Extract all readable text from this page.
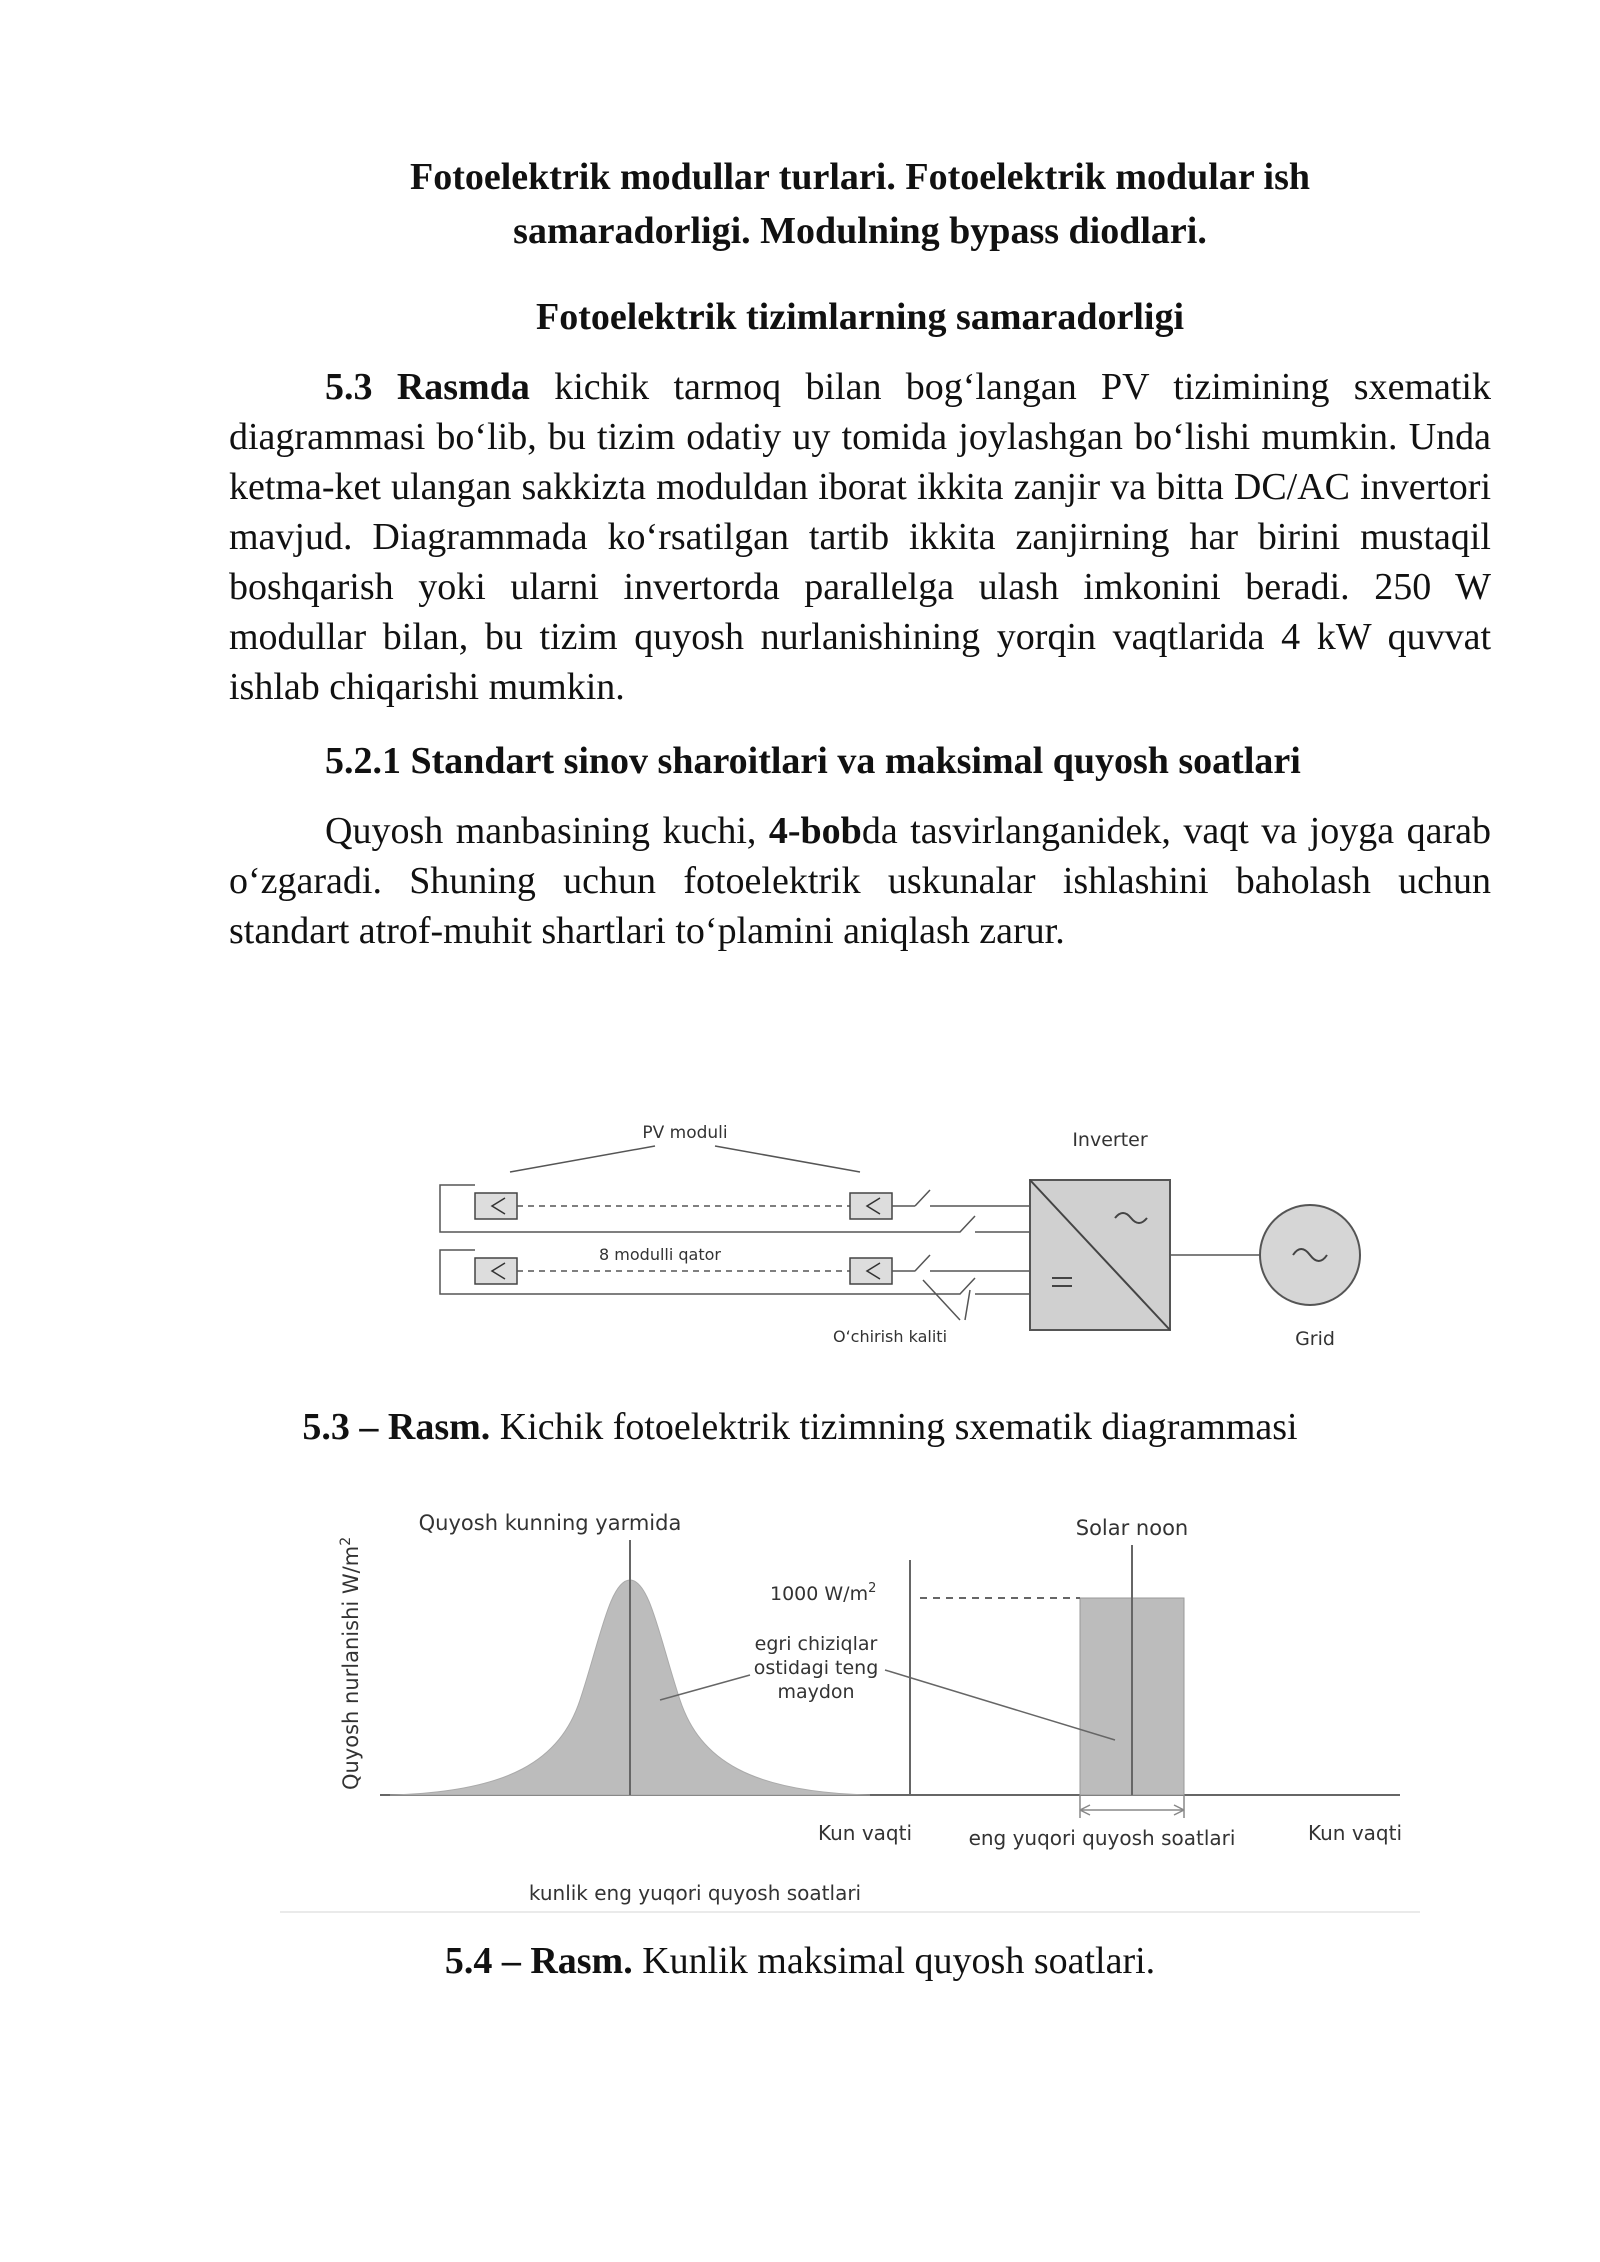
Fotoelektrik modullar turlari. Fotoelektrik modular ish
samaradorligi. Modulning bypass diodlari.

Fotoelektrik tizimlarning samaradorligi

5.3 Rasmda kichik tarmoq bilan bog‘langan PV tizimining sxematik diagrammasi bo‘lib, bu tizim odatiy uy tomida joylashgan bo‘lishi mumkin. Unda ketma-ket ulangan sakkizta moduldan iborat ikkita zanjir va bitta DC/AC invertori mavjud. Diagrammada ko‘rsatilgan tartib ikkita zanjirning har birini mustaqil boshqarish yoki ularni invertorda parallelga ulash imkonini beradi. 250 W modullar bilan, bu tizim quyosh nurlanishining yorqin vaqtlarida 4 kW quvvat ishlab chiqarishi mumkin.

5.2.1 Standart sinov sharoitlari va maksimal quyosh soatlari

Quyosh manbasining kuchi, 4-bobda tasvirlanganidek, vaqt va joyga qarab o‘zgaradi. Shuning uchun fotoelektrik uskunalar ishlashini baholash uchun standart atrof-muhit shartlari to‘plamini aniqlash zarur.

PV moduli	Inverter
8 modulli qator
O‘chirish kaliti	Grid
5.3 – Rasm. Kichik fotoelektrik tizimning sxematik diagrammasi
Quyosh nurlanishi $W/m^2$
Quyosh kunning yarmida
Kun vaqti
Solar noon
1000 $W/m^2$
egri chiziqlar
ostidagi teng
maydon
eng yuqori quyosh soatlari	Kun vaqti
kunlik eng yuqori quyosh soatlari
5.4 – Rasm. Kunlik maksimal quyosh soatlari.
